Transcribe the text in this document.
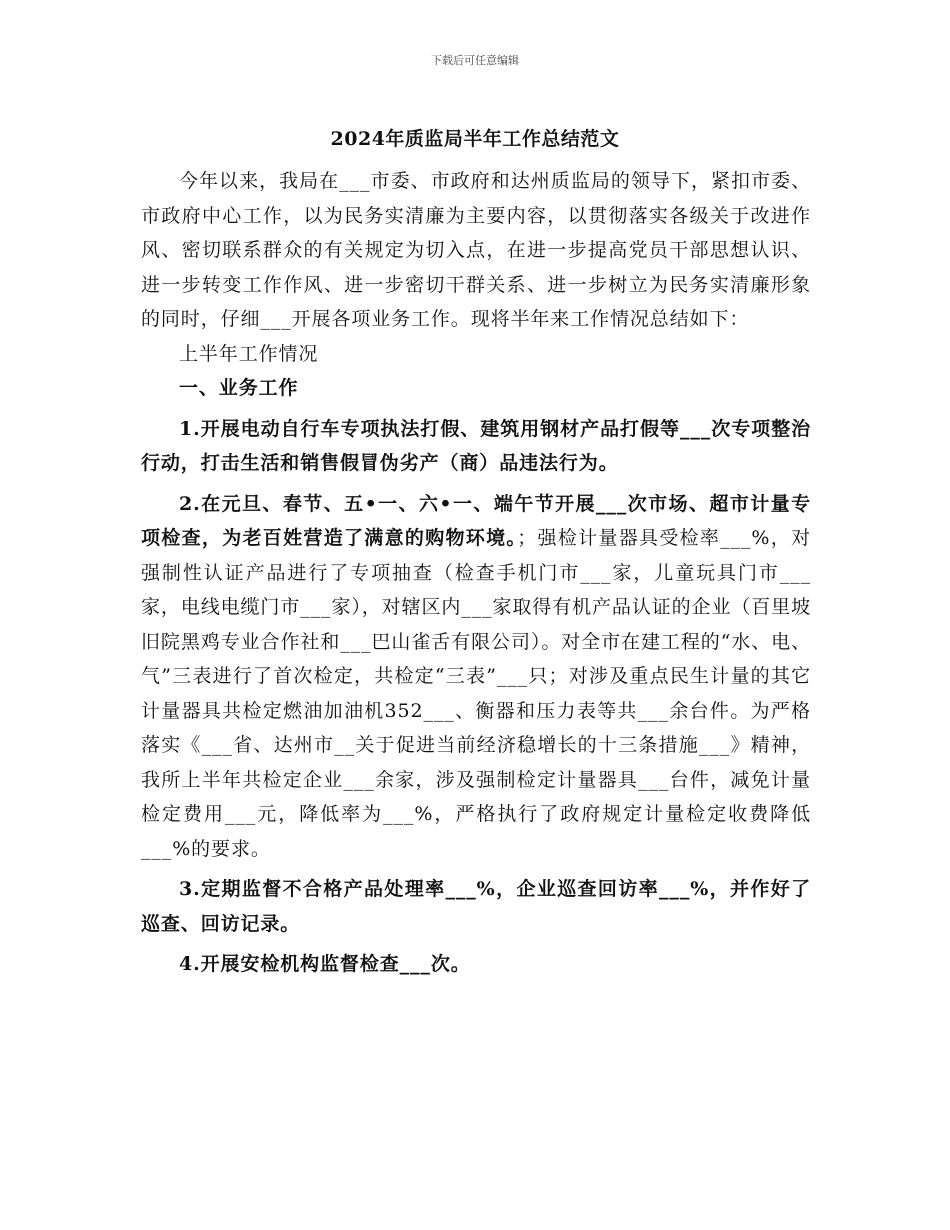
下载后可任意编辑
2024年质监局半年工作总结范文

今年以来，我局在___市委、市政府和达州质监局的领导下，紧扣市委、市政府中心工作，以为民务实清廉为主要内容，以贯彻落实各级关于改进作风、密切联系群众的有关规定为切入点，在进一步提高党员干部思想认识、进一步转变工作作风、进一步密切干群关系、进一步树立为民务实清廉形象的同时，仔细___开展各项业务工作。现将半年来工作情况总结如下：

上半年工作情况

一、业务工作

1.开展电动自行车专项执法打假、建筑用钢材产品打假等___次专项整治行动，打击生活和销售假冒伪劣产（商）品违法行为。

2.在元旦、春节、五•一、六•一、端午节开展___次市场、超市计量专项检查，为老百姓营造了满意的购物环境。；强检计量器具受检率___%，对强制性认证产品进行了专项抽查（检查手机门市___家，儿童玩具门市___家，电线电缆门市___家），对辖区内___家取得有机产品认证的企业（百里坡旧院黑鸡专业合作社和___巴山雀舌有限公司）。对全市在建工程的“水、电、气”三表进行了首次检定，共检定“三表”___只；对涉及重点民生计量的其它计量器具共检定燃油加油机352___、衡器和压力表等共___余台件。为严格落实《___省、达州市__关于促进当前经济稳增长的十三条措施___》精神，我所上半年共检定企业___余家，涉及强制检定计量器具___台件，减免计量检定费用___元，降低率为___%，严格执行了政府规定计量检定收费降低___%的要求。

3.定期监督不合格产品处理率___%，企业巡查回访率___%，并作好了巡查、回访记录。

4.开展安检机构监督检查___次。
